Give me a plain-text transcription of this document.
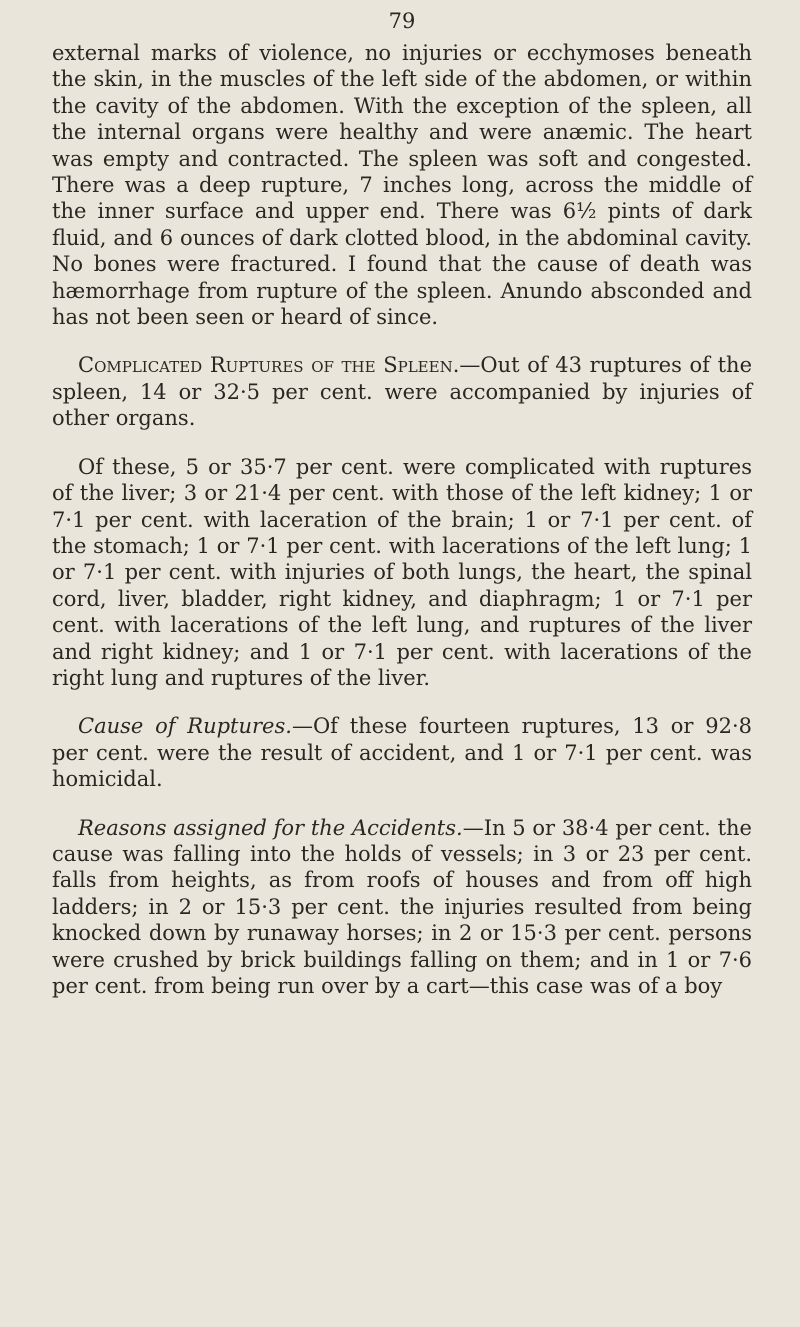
79

external marks of violence, no injuries or ecchymoses beneath the skin, in the muscles of the left side of the abdomen, or within the cavity of the abdomen. With the exception of the spleen, all the internal organs were healthy and were anæmic. The heart was empty and contracted. The spleen was soft and congested. There was a deep rupture, 7 inches long, across the middle of the inner surface and upper end. There was 6½ pints of dark fluid, and 6 ounces of dark clotted blood, in the abdominal cavity. No bones were fractured. I found that the cause of death was hæmorrhage from rupture of the spleen. Anundo absconded and has not been seen or heard of since.

Complicated Ruptures of the Spleen.—Out of 43 ruptures of the spleen, 14 or 32·5 per cent. were accompanied by injuries of other organs.

Of these, 5 or 35·7 per cent. were complicated with ruptures of the liver; 3 or 21·4 per cent. with those of the left kidney; 1 or 7·1 per cent. with laceration of the brain; 1 or 7·1 per cent. of the stomach; 1 or 7·1 per cent. with lacerations of the left lung; 1 or 7·1 per cent. with injuries of both lungs, the heart, the spinal cord, liver, bladder, right kidney, and diaphragm; 1 or 7·1 per cent. with lacerations of the left lung, and ruptures of the liver and right kidney; and 1 or 7·1 per cent. with lacerations of the right lung and ruptures of the liver.

Cause of Ruptures.—Of these fourteen ruptures, 13 or 92·8 per cent. were the result of accident, and 1 or 7·1 per cent. was homicidal.

Reasons assigned for the Accidents.—In 5 or 38·4 per cent. the cause was falling into the holds of vessels; in 3 or 23 per cent. falls from heights, as from roofs of houses and from off high ladders; in 2 or 15·3 per cent. the injuries resulted from being knocked down by runaway horses; in 2 or 15·3 per cent. persons were crushed by brick buildings falling on them; and in 1 or 7·6 per cent. from being run over by a cart—this case was of a boy
